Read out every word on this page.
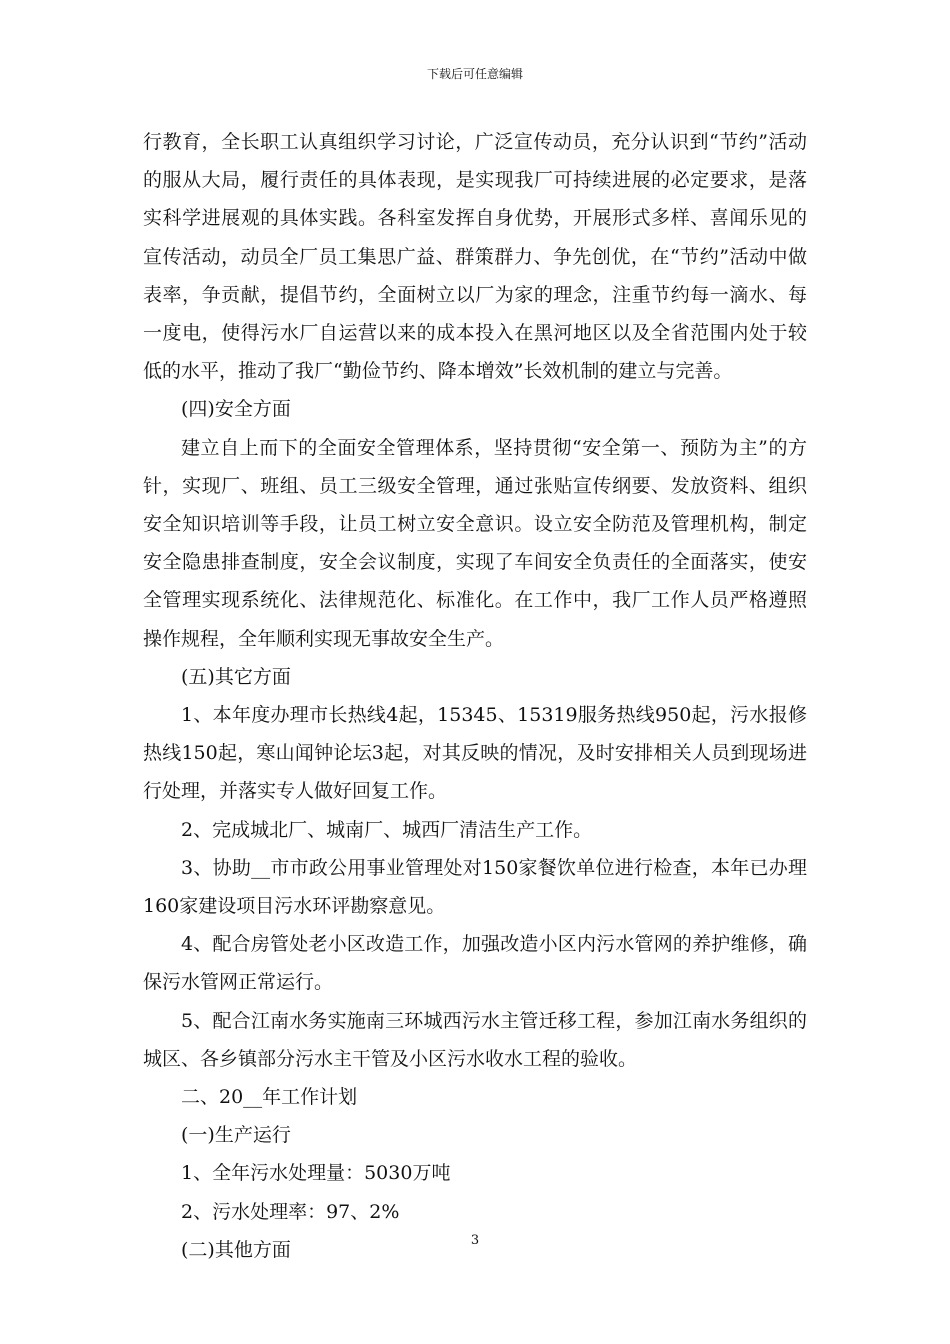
下载后可任意编辑

行教育，全长职工认真组织学习讨论，广泛宣传动员，充分认识到“节约”活动的服从大局，履行责任的具体表现，是实现我厂可持续进展的必定要求，是落实科学进展观的具体实践。各科室发挥自身优势，开展形式多样、喜闻乐见的宣传活动，动员全厂员工集思广益、群策群力、争先创优，在“节约”活动中做表率，争贡献，提倡节约，全面树立以厂为家的理念，注重节约每一滴水、每一度电，使得污水厂自运营以来的成本投入在黑河地区以及全省范围内处于较低的水平，推动了我厂“勤俭节约、降本增效”长效机制的建立与完善。

(四)安全方面

建立自上而下的全面安全管理体系，坚持贯彻“安全第一、预防为主”的方针，实现厂、班组、员工三级安全管理，通过张贴宣传纲要、发放资料、组织安全知识培训等手段，让员工树立安全意识。设立安全防范及管理机构，制定安全隐患排查制度，安全会议制度，实现了车间安全负责任的全面落实，使安全管理实现系统化、法律规范化、标准化。在工作中，我厂工作人员严格遵照操作规程，全年顺利实现无事故安全生产。

(五)其它方面

1、本年度办理市长热线4起，15345、15319服务热线950起，污水报修热线150起，寒山闻钟论坛3起，对其反映的情况，及时安排相关人员到现场进行处理，并落实专人做好回复工作。

2、完成城北厂、城南厂、城西厂清洁生产工作。

3、协助__市市政公用事业管理处对150家餐饮单位进行检查，本年已办理160家建设项目污水环评勘察意见。

4、配合房管处老小区改造工作，加强改造小区内污水管网的养护维修，确保污水管网正常运行。

5、配合江南水务实施南三环城西污水主管迁移工程，参加江南水务组织的城区、各乡镇部分污水主干管及小区污水收水工程的验收。

二、20__年工作计划

(一)生产运行

1、全年污水处理量：5030万吨

2、污水处理率：97、2%

(二)其他方面	3
